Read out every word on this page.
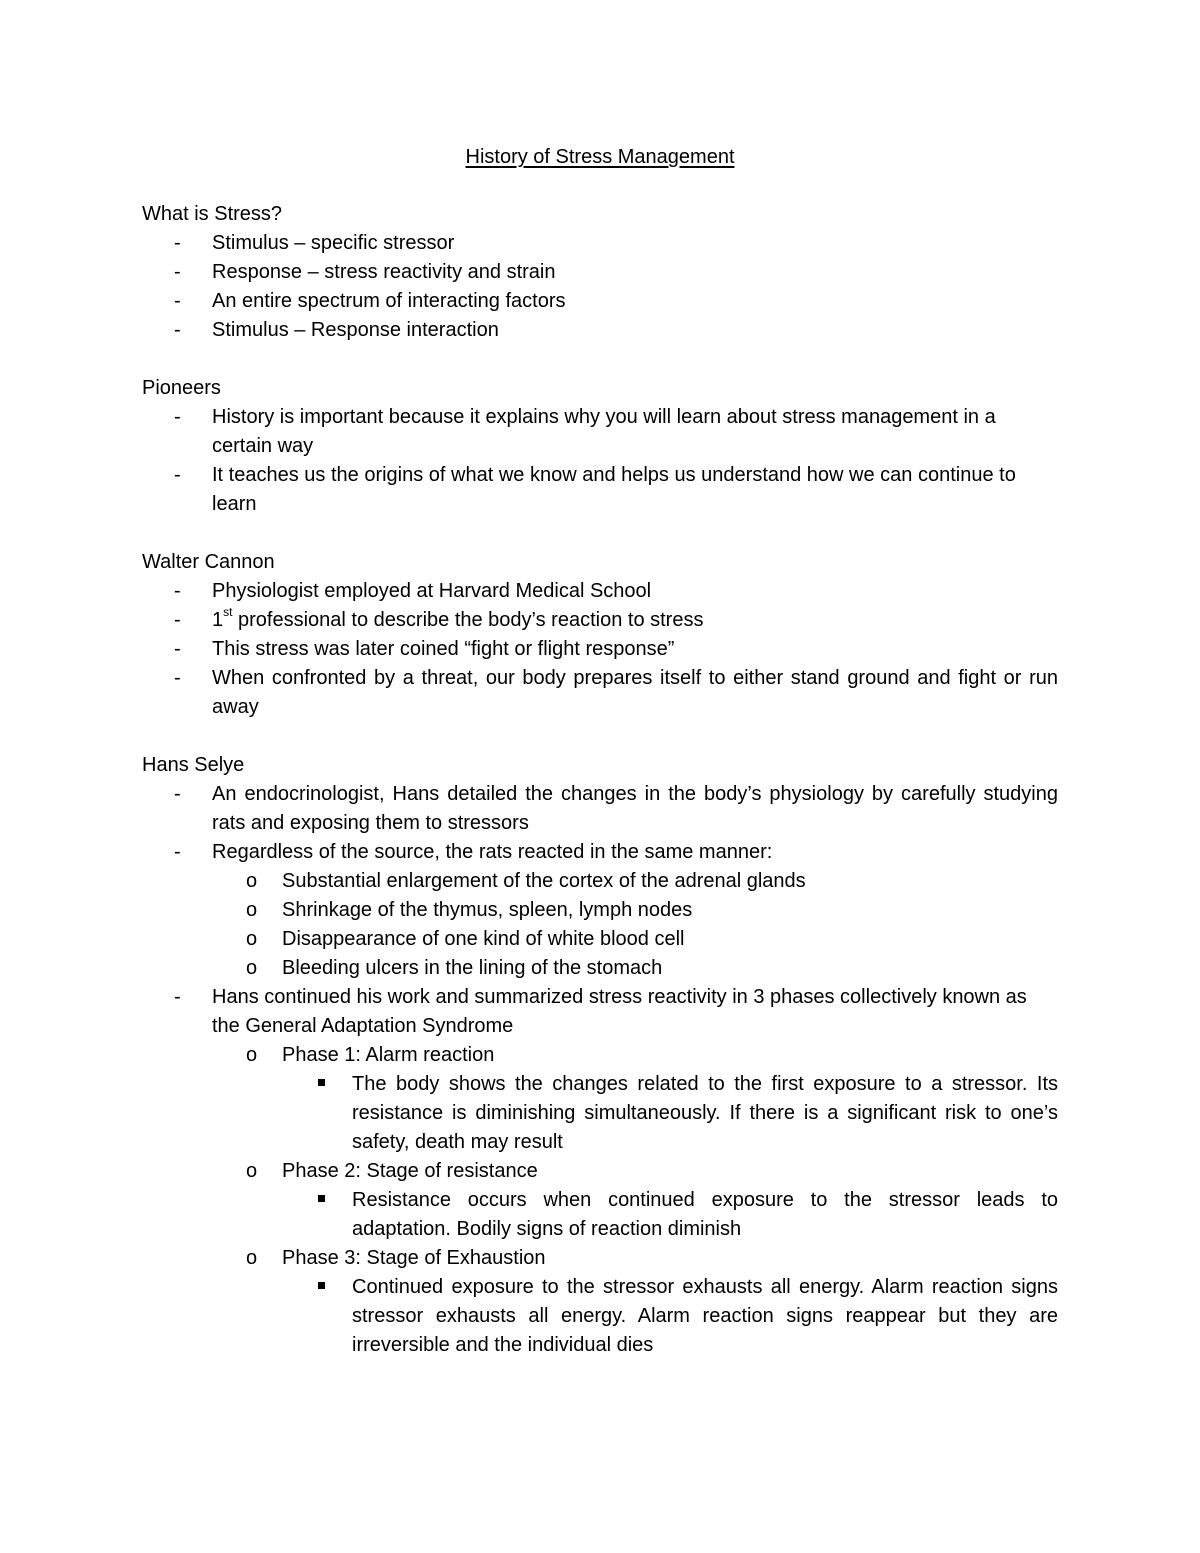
History of Stress Management

What is Stress?

- Stimulus – specific stressor
- Response – stress reactivity and strain
- An entire spectrum of interacting factors
- Stimulus – Response interaction

Pioneers

- History is important because it explains why you will learn about stress management in a certain way
- It teaches us the origins of what we know and helps us understand how we can continue to learn

Walter Cannon

- Physiologist employed at Harvard Medical School
- 1st professional to describe the body’s reaction to stress
- This stress was later coined “fight or flight response”
- When confronted by a threat, our body prepares itself to either stand ground and fight or run away

Hans Selye

- An endocrinologist, Hans detailed the changes in the body’s physiology by carefully studying rats and exposing them to stressors
- Regardless of the source, the rats reacted in the same manner:
o Substantial enlargement of the cortex of the adrenal glands
o Shrinkage of the thymus, spleen, lymph nodes
o Disappearance of one kind of white blood cell
o Bleeding ulcers in the lining of the stomach
- Hans continued his work and summarized stress reactivity in 3 phases collectively known as the General Adaptation Syndrome
o Phase 1: Alarm reaction
The body shows the changes related to the first exposure to a stressor. Its resistance is diminishing simultaneously. If there is a significant risk to one’s safety, death may result
o Phase 2: Stage of resistance
Resistance occurs when continued exposure to the stressor leads to adaptation. Bodily signs of reaction diminish
o Phase 3: Stage of Exhaustion
Continued exposure to the stressor exhausts all energy. Alarm reaction signs stressor exhausts all energy. Alarm reaction signs reappear but they are irreversible and the individual dies
